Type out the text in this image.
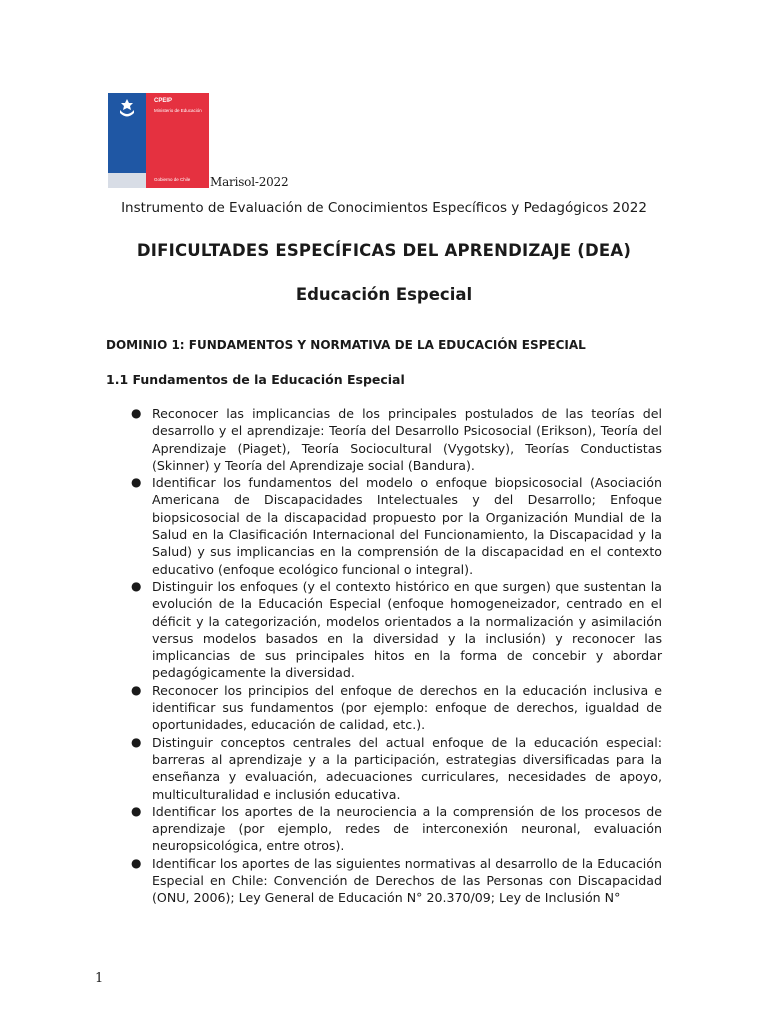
CPEIP
Ministerio de Educación
Gobierno de Chile Marisol-2022
Instrumento de Evaluación de Conocimientos Específicos y Pedagógicos 2022
DIFICULTADES ESPECÍFICAS DEL APRENDIZAJE (DEA)
Educación Especial
DOMINIO 1: FUNDAMENTOS Y NORMATIVA DE LA EDUCACIÓN ESPECIAL
1.1 Fundamentos de la Educación Especial
● Reconocer las implicancias de los principales postulados de las teorías del desarrollo y el aprendizaje: Teoría del Desarrollo Psicosocial (Erikson), Teoría del Aprendizaje (Piaget), Teoría Sociocultural (Vygotsky), Teorías Conductistas (Skinner) y Teoría del Aprendizaje social (Bandura).
● Identificar los fundamentos del modelo o enfoque biopsicosocial (Asociación Americana de Discapacidades Intelectuales y del Desarrollo; Enfoque biopsicosocial de la discapacidad propuesto por la Organización Mundial de la Salud en la Clasificación Internacional del Funcionamiento, la Discapacidad y la Salud) y sus implicancias en la comprensión de la discapacidad en el contexto educativo (enfoque ecológico funcional o integral).
● Distinguir los enfoques (y el contexto histórico en que surgen) que sustentan la evolución de la Educación Especial (enfoque homogeneizador, centrado en el déficit y la categorización, modelos orientados a la normalización y asimilación versus modelos basados en la diversidad y la inclusión) y reconocer las implicancias de sus principales hitos en la forma de concebir y abordar pedagógicamente la diversidad.
● Reconocer los principios del enfoque de derechos en la educación inclusiva e identificar sus fundamentos (por ejemplo: enfoque de derechos, igualdad de oportunidades, educación de calidad, etc.).
● Distinguir conceptos centrales del actual enfoque de la educación especial: barreras al aprendizaje y a la participación, estrategias diversificadas para la enseñanza y evaluación, adecuaciones curriculares, necesidades de apoyo, multiculturalidad e inclusión educativa.
● Identificar los aportes de la neurociencia a la comprensión de los procesos de aprendizaje (por ejemplo, redes de interconexión neuronal, evaluación neuropsicológica, entre otros).
● Identificar los aportes de las siguientes normativas al desarrollo de la Educación Especial en Chile: Convención de Derechos de las Personas con Discapacidad (ONU, 2006); Ley General de Educación N° 20.370/09; Ley de Inclusión N°
1
